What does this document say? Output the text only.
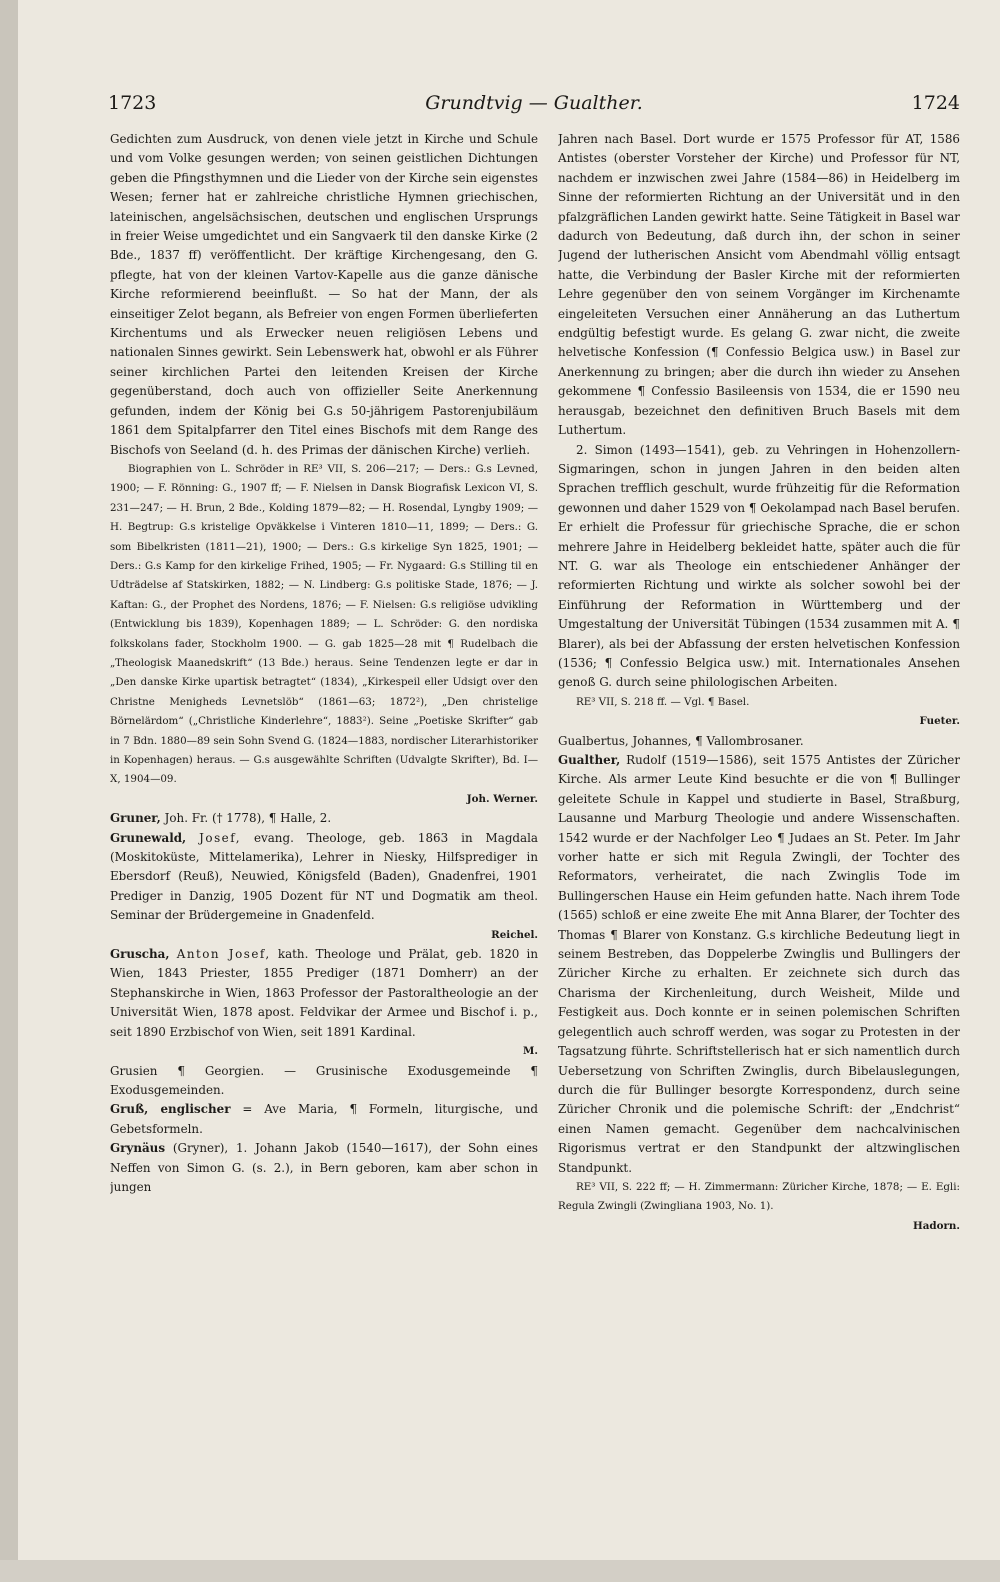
1723	Grundtvig — Gualther.	1724

Gedichten zum Ausdruck, von denen viele jetzt in Kirche und Schule und vom Volke gesungen werden; von seinen geistlichen Dichtungen geben die Pfingsthymnen und die Lieder von der Kirche sein eigenstes Wesen; ferner hat er zahlreiche christliche Hymnen griechischen, lateinischen, angelsächsischen, deutschen und englischen Ursprungs in freier Weise umgedichtet und ein Sangvaerk til den danske Kirke (2 Bde., 1837 ff) veröffentlicht. Der kräftige Kirchengesang, den G. pflegte, hat von der kleinen Vartov-Kapelle aus die ganze dänische Kirche reformierend beeinflußt. — So hat der Mann, der als einseitiger Zelot begann, als Befreier von engen Formen überlieferten Kirchentums und als Erwecker neuen religiösen Lebens und nationalen Sinnes gewirkt. Sein Lebenswerk hat, obwohl er als Führer seiner kirchlichen Partei den leitenden Kreisen der Kirche gegenüberstand, doch auch von offizieller Seite Anerkennung gefunden, indem der König bei G.s 50-jährigem Pastorenjubiläum 1861 dem Spitalpfarrer den Titel eines Bischofs mit dem Range des Bischofs von Seeland (d. h. des Primas der dänischen Kirche) verlieh.

Biographien von L. Schröder in RE³ VII, S. 206—217; — Ders.: G.s Levned, 1900; — F. Rönning: G., 1907 ff; — F. Nielsen in Dansk Biografisk Lexicon VI, S. 231—247; — H. Brun, 2 Bde., Kolding 1879—82; — H. Rosendal, Lyngby 1909; — H. Begtrup: G.s kristelige Opväkkelse i Vinteren 1810—11, 1899; — Ders.: G. som Bibelkristen (1811—21), 1900; — Ders.: G.s kirkelige Syn 1825, 1901; — Ders.: G.s Kamp for den kirkelige Frihed, 1905; — Fr. Nygaard: G.s Stilling til en Udträdelse af Statskirken, 1882; — N. Lindberg: G.s politiske Stade, 1876; — J. Kaftan: G., der Prophet des Nordens, 1876; — F. Nielsen: G.s religiöse udvikling (Entwicklung bis 1839), Kopenhagen 1889; — L. Schröder: G. den nordiska folkskolans fader, Stockholm 1900. — G. gab 1825—28 mit ¶ Rudelbach die „Theologisk Maanedskrift“ (13 Bde.) heraus. Seine Tendenzen legte er dar in „Den danske Kirke upartisk betragtet“ (1834), „Kirkespeil eller Udsigt over den Christne Menigheds Levnetslöb“ (1861—63; 1872²), „Den christelige Börnelärdom“ („Christliche Kinderlehre“, 1883²). Seine „Poetiske Skrifter“ gab in 7 Bdn. 1880—89 sein Sohn Svend G. (1824—1883, nordischer Literarhistoriker in Kopenhagen) heraus. — G.s ausgewählte Schriften (Udvalgte Skrifter), Bd. I—X, 1904—09.

Joh. Werner.

Gruner, Joh. Fr. († 1778), ¶ Halle, 2.

Grunewald, Josef, evang. Theologe, geb. 1863 in Magdala (Moskitoküste, Mittelamerika), Lehrer in Niesky, Hilfsprediger in Ebersdorf (Reuß), Neuwied, Königsfeld (Baden), Gnadenfrei, 1901 Prediger in Danzig, 1905 Dozent für NT und Dogmatik am theol. Seminar der Brüdergemeine in Gnadenfeld.

Reichel.

Gruscha, Anton Josef, kath. Theologe und Prälat, geb. 1820 in Wien, 1843 Priester, 1855 Prediger (1871 Domherr) an der Stephanskirche in Wien, 1863 Professor der Pastoraltheologie an der Universität Wien, 1878 apost. Feldvikar der Armee und Bischof i. p., seit 1890 Erzbischof von Wien, seit 1891 Kardinal.

M.

Grusien ¶ Georgien. — Grusinische Exodusgemeinde ¶ Exodusgemeinden.

Gruß, englischer = Ave Maria, ¶ Formeln, liturgische, und Gebetsformeln.

Grynäus (Gryner), 1. Johann Jakob (1540—1617), der Sohn eines Neffen von Simon G. (s. 2.), in Bern geboren, kam aber schon in jungen

Jahren nach Basel. Dort wurde er 1575 Professor für AT, 1586 Antistes (oberster Vorsteher der Kirche) und Professor für NT, nachdem er inzwischen zwei Jahre (1584—86) in Heidelberg im Sinne der reformierten Richtung an der Universität und in den pfalzgräflichen Landen gewirkt hatte. Seine Tätigkeit in Basel war dadurch von Bedeutung, daß durch ihn, der schon in seiner Jugend der lutherischen Ansicht vom Abendmahl völlig entsagt hatte, die Verbindung der Basler Kirche mit der reformierten Lehre gegenüber den von seinem Vorgänger im Kirchenamte eingeleiteten Versuchen einer Annäherung an das Luthertum endgültig befestigt wurde. Es gelang G. zwar nicht, die zweite helvetische Konfession (¶ Confessio Belgica usw.) in Basel zur Anerkennung zu bringen; aber die durch ihn wieder zu Ansehen gekommene ¶ Confessio Basileensis von 1534, die er 1590 neu herausgab, bezeichnet den definitiven Bruch Basels mit dem Luthertum.

2. Simon (1493—1541), geb. zu Vehringen in Hohenzollern-Sigmaringen, schon in jungen Jahren in den beiden alten Sprachen trefflich geschult, wurde frühzeitig für die Reformation gewonnen und daher 1529 von ¶ Oekolampad nach Basel berufen. Er erhielt die Professur für griechische Sprache, die er schon mehrere Jahre in Heidelberg bekleidet hatte, später auch die für NT. G. war als Theologe ein entschiedener Anhänger der reformierten Richtung und wirkte als solcher sowohl bei der Einführung der Reformation in Württemberg und der Umgestaltung der Universität Tübingen (1534 zusammen mit A. ¶ Blarer), als bei der Abfassung der ersten helvetischen Konfession (1536; ¶ Confessio Belgica usw.) mit. Internationales Ansehen genoß G. durch seine philologischen Arbeiten.

RE³ VII, S. 218 ff. — Vgl. ¶ Basel.

Fueter.

Gualbertus, Johannes, ¶ Vallombrosaner.

Gualther, Rudolf (1519—1586), seit 1575 Antistes der Züricher Kirche. Als armer Leute Kind besuchte er die von ¶ Bullinger geleitete Schule in Kappel und studierte in Basel, Straßburg, Lausanne und Marburg Theologie und andere Wissenschaften. 1542 wurde er der Nachfolger Leo ¶ Judaes an St. Peter. Im Jahr vorher hatte er sich mit Regula Zwingli, der Tochter des Reformators, verheiratet, die nach Zwinglis Tode im Bullingerschen Hause ein Heim gefunden hatte. Nach ihrem Tode (1565) schloß er eine zweite Ehe mit Anna Blarer, der Tochter des Thomas ¶ Blarer von Konstanz. G.s kirchliche Bedeutung liegt in seinem Bestreben, das Doppelerbe Zwinglis und Bullingers der Züricher Kirche zu erhalten. Er zeichnete sich durch das Charisma der Kirchenleitung, durch Weisheit, Milde und Festigkeit aus. Doch konnte er in seinen polemischen Schriften gelegentlich auch schroff werden, was sogar zu Protesten in der Tagsatzung führte. Schriftstellerisch hat er sich namentlich durch Uebersetzung von Schriften Zwinglis, durch Bibelauslegungen, durch die für Bullinger besorgte Korrespondenz, durch seine Züricher Chronik und die polemische Schrift: der „Endchrist“ einen Namen gemacht. Gegenüber dem nachcalvinischen Rigorismus vertrat er den Standpunkt der altzwinglischen Standpunkt.

RE³ VII, S. 222 ff; — H. Zimmermann: Züricher Kirche, 1878; — E. Egli: Regula Zwingli (Zwingliana 1903, No. 1).

Hadorn.
